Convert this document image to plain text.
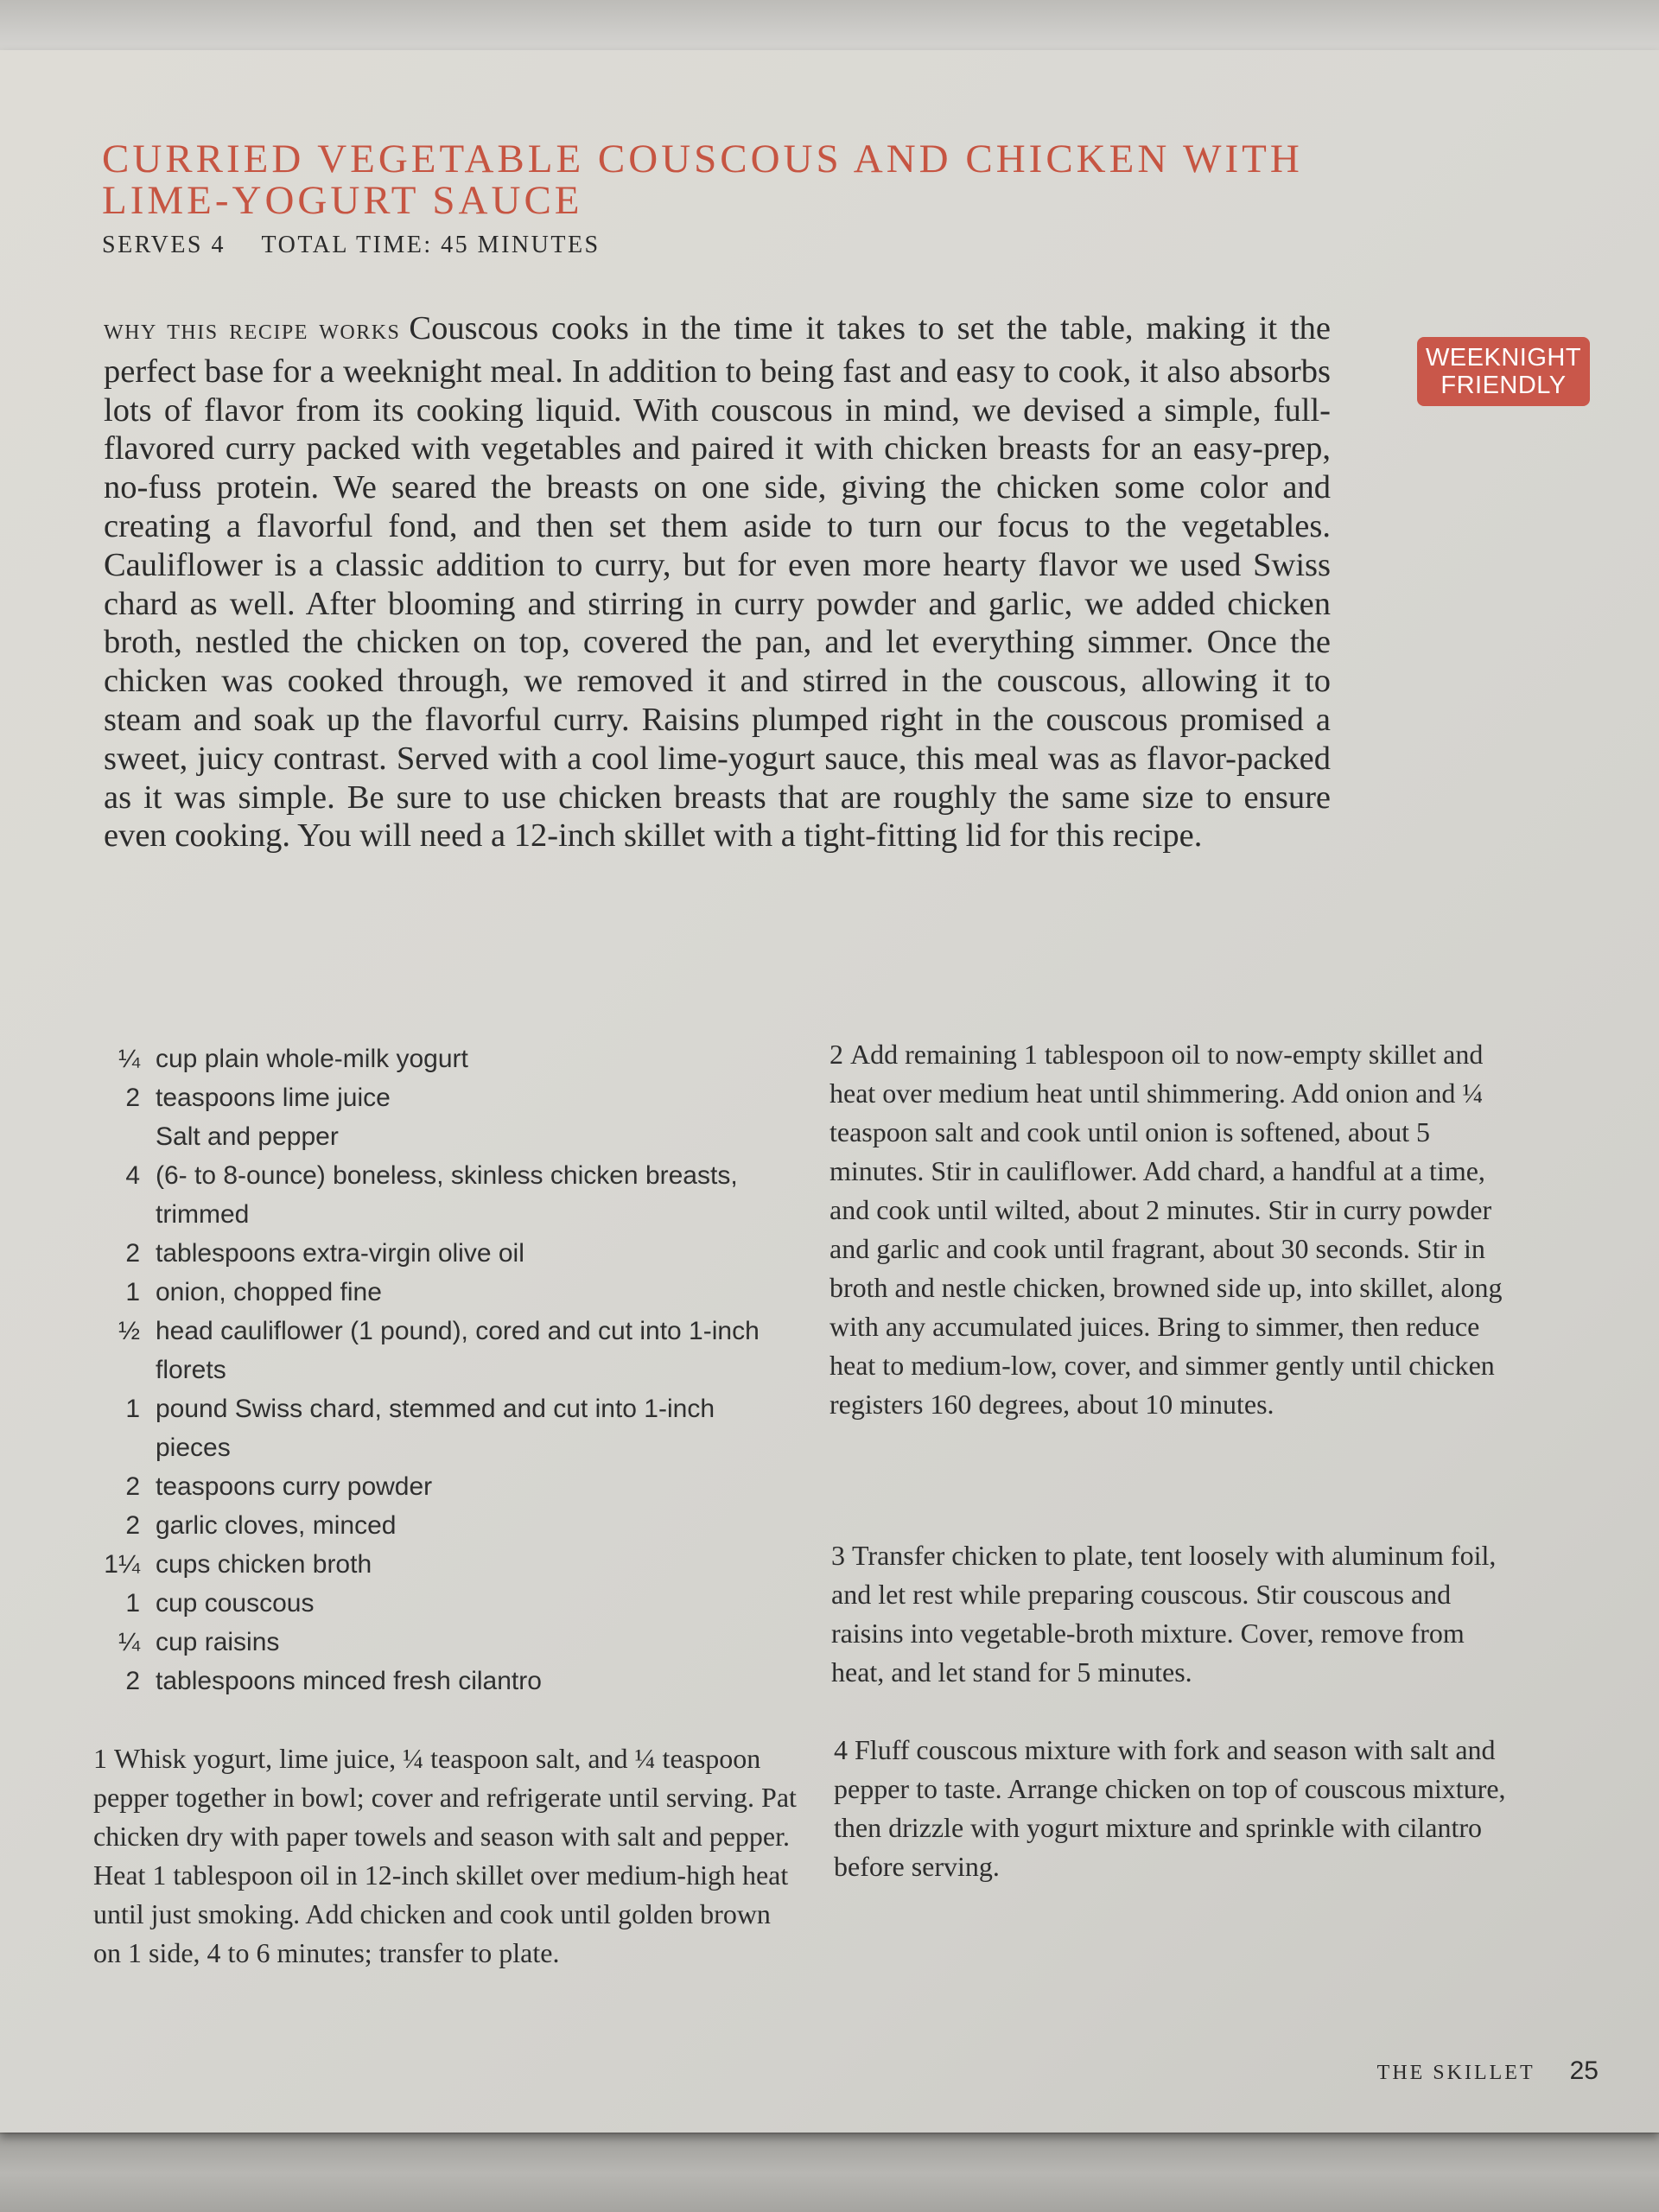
CURRIED VEGETABLE COUSCOUS AND CHICKEN WITH LIME-YOGURT SAUCE
SERVES 4 TOTAL TIME: 45 MINUTES

WHY THIS RECIPE WORKS Couscous cooks in the time it takes to set the table, making it the perfect base for a weeknight meal. In addition to being fast and easy to cook, it also absorbs lots of flavor from its cooking liquid. With couscous in mind, we devised a simple, full-flavored curry packed with vegetables and paired it with chicken breasts for an easy-prep, no-fuss protein. We seared the breasts on one side, giving the chicken some color and creating a flavorful fond, and then set them aside to turn our focus to the vegetables. Cauliflower is a classic addition to curry, but for even more hearty flavor we used Swiss chard as well. After blooming and stirring in curry powder and garlic, we added chicken broth, nestled the chicken on top, covered the pan, and let everything simmer. Once the chicken was cooked through, we removed it and stirred in the couscous, allowing it to steam and soak up the flavorful curry. Raisins plumped right in the couscous promised a sweet, juicy contrast. Served with a cool lime-yogurt sauce, this meal was as flavor-packed as it was simple. Be sure to use chicken breasts that are roughly the same size to ensure even cooking. You will need a 12-inch skillet with a tight-fitting lid for this recipe.

WEEKNIGHT FRIENDLY
¼ cup plain whole-milk yogurt
2 teaspoons lime juice
Salt and pepper
4 (6- to 8-ounce) boneless, skinless chicken breasts, trimmed
2 tablespoons extra-virgin olive oil
1 onion, chopped fine
½ head cauliflower (1 pound), cored and cut into 1-inch florets
1 pound Swiss chard, stemmed and cut into 1-inch pieces
2 teaspoons curry powder
2 garlic cloves, minced
1¼ cups chicken broth
1 cup couscous
¼ cup raisins
2 tablespoons minced fresh cilantro

1 Whisk yogurt, lime juice, ¼ teaspoon salt, and ¼ teaspoon pepper together in bowl; cover and refrigerate until serving. Pat chicken dry with paper towels and season with salt and pepper. Heat 1 tablespoon oil in 12-inch skillet over medium-high heat until just smoking. Add chicken and cook until golden brown on 1 side, 4 to 6 minutes; transfer to plate.

2 Add remaining 1 tablespoon oil to now-empty skillet and heat over medium heat until shimmering. Add onion and ¼ teaspoon salt and cook until onion is softened, about 5 minutes. Stir in cauliflower. Add chard, a handful at a time, and cook until wilted, about 2 minutes. Stir in curry powder and garlic and cook until fragrant, about 30 seconds. Stir in broth and nestle chicken, browned side up, into skillet, along with any accumulated juices. Bring to simmer, then reduce heat to medium-low, cover, and simmer gently until chicken registers 160 degrees, about 10 minutes.

3 Transfer chicken to plate, tent loosely with aluminum foil, and let rest while preparing couscous. Stir couscous and raisins into vegetable-broth mixture. Cover, remove from heat, and let stand for 5 minutes.

4 Fluff couscous mixture with fork and season with salt and pepper to taste. Arrange chicken on top of couscous mixture, then drizzle with yogurt mixture and sprinkle with cilantro before serving.

THE SKILLET 25
